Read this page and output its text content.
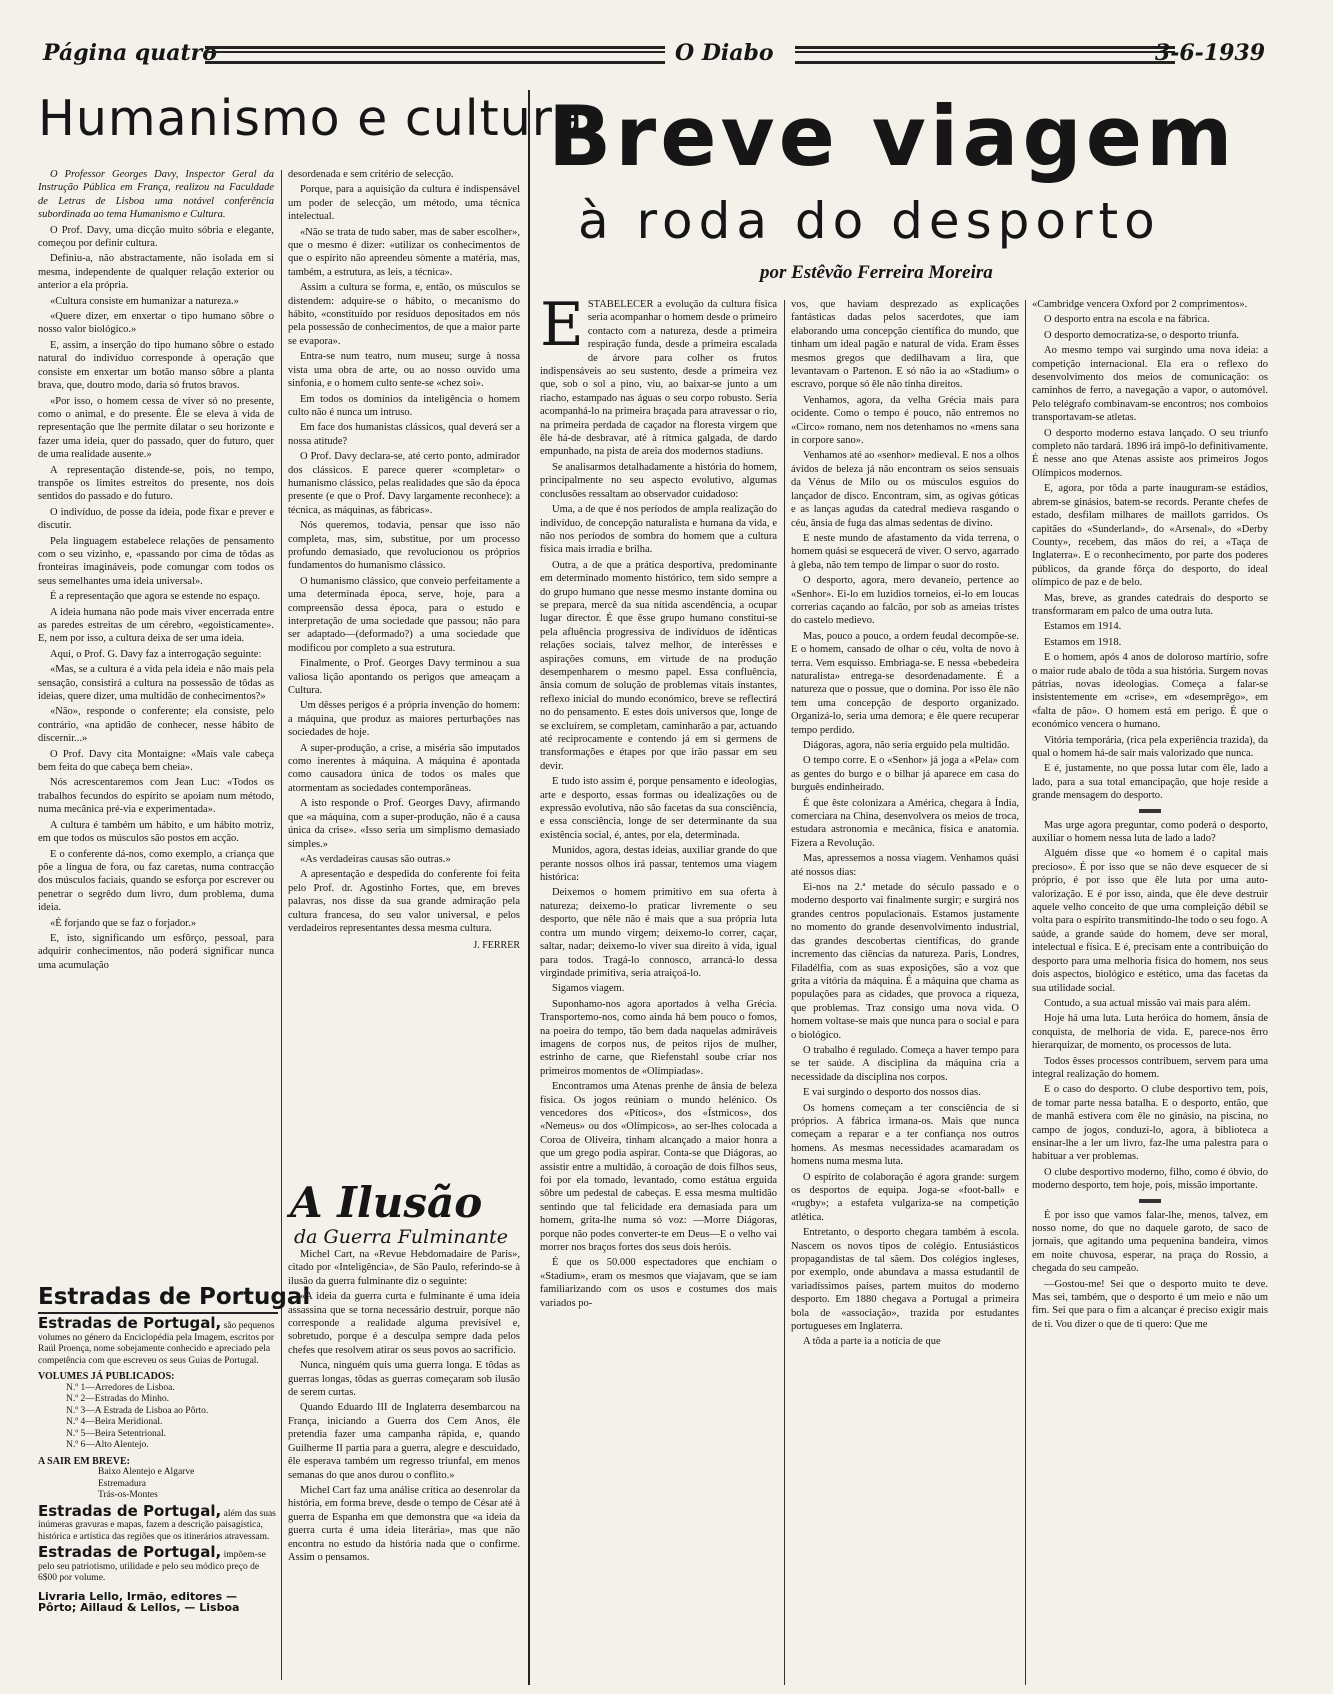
Página quatro	O Diabo	3-6-1939
Humanismo e cultura

O Professor Georges Davy, Inspector Geral da Instrução Pública em França, realizou na Faculdade de Letras de Lisboa uma notável conferência subordinada ao tema Humanismo e Cultura.

O Prof. Davy, uma dicção muito sóbria e elegante, começou por definir cultura.

Definiu-a, não abstractamente, não isolada em si mesma, independente de qualquer relação exterior ou anterior a ela própria.

«Cultura consiste em humanizar a natureza.»

«Quere dizer, em enxertar o tipo humano sôbre o nosso valor biológico.»

E, assim, a inserção do tipo humano sôbre o estado natural do indivíduo corresponde à operação que consiste em enxertar um botão manso sôbre a planta brava, que, doutro modo, daria só frutos bravos.

«Por isso, o homem cessa de viver só no presente, como o animal, e do presente. Êle se eleva à vida de representação que lhe permite dilatar o seu horizonte e fazer uma ideia, quer do passado, quer do futuro, quer de uma realidade ausente.»

A representação distende-se, pois, no tempo, transpõe os limites estreitos do presente, nos dois sentidos do passado e do futuro.

O indivíduo, de posse da ideia, pode fixar e prever e discutir.

Pela linguagem estabelece relações de pensamento com o seu vizinho, e, «passando por cima de tôdas as fronteiras imagináveis, pode comungar com todos os seus semelhantes uma ideia universal».

É a representação que agora se estende no espaço.

A ideia humana não pode mais viver encerrada entre as paredes estreitas de um cérebro, «egoisticamente». E, nem por isso, a cultura deixa de ser uma ideia.

Aqui, o Prof. G. Davy faz a interrogação seguinte:

«Mas, se a cultura é a vida pela ideia e não mais pela sensação, consistirá a cultura na possessão de tôdas as ideias, quere dizer, uma multidão de conhecimentos?»

«Não», responde o conferente; ela consiste, pelo contrário, «na aptidão de conhecer, nesse hábito de discernir...»

O Prof. Davy cita Montaigne: «Mais vale cabeça bem feita do que cabeça bem cheia».

Nós acrescentaremos com Jean Luc: «Todos os trabalhos fecundos do espírito se apoiam num método, numa mecânica pré-via e experimentada».

A cultura é também um hábito, e um hábito motriz, em que todos os músculos são postos em acção.

E o conferente dá-nos, como exemplo, a criança que põe a língua de fora, ou faz caretas, numa contracção dos músculos faciais, quando se esforça por escrever ou penetrar o segrêdo dum livro, dum problema, duma ideia.

«É forjando que se faz o forjador.»

E, isto, significando um esfôrço, pessoal, para adquirir conhecimentos, não poderá significar nunca uma acumulação

desordenada e sem critério de selecção.

Porque, para a aquisição da cultura é indispensável um poder de selecção, um método, uma técnica intelectual.

«Não se trata de tudo saber, mas de saber escolher», que o mesmo é dizer: «utilizar os conhecimentos de que o espírito não apreendeu sòmente a matéria, mas, também, a estrutura, as leis, a técnica».

Assim a cultura se forma, e, então, os músculos se distendem: adquire-se o hábito, o mecanismo do hábito, «constituído por resíduos depositados em nós pela possessão de conhecimentos, de que a maior parte se evapora».

Entra-se num teatro, num museu; surge à nossa vista uma obra de arte, ou ao nosso ouvido uma sinfonia, e o homem culto sente-se «chez soi».

Em todos os domínios da inteligência o homem culto não é nunca um intruso.

Em face dos humanistas clássicos, qual deverá ser a nossa atitude?

O Prof. Davy declara-se, até certo ponto, admirador dos clássicos. E parece querer «completar» o humanismo clássico, pelas realidades que são da época presente (e que o Prof. Davy largamente reconhece): a técnica, as máquinas, as fábricas».

Nós queremos, todavia, pensar que isso não completa, mas, sim, substitue, por um processo profundo demasiado, que revolucionou os próprios fundamentos do humanismo clássico.

O humanismo clássico, que conveio perfeitamente a uma determinada época, serve, hoje, para a compreensão dessa época, para o estudo e interpretação de uma sociedade que passou; não para ser adaptado—(deformado?) a uma sociedade que modificou por completo a sua estrutura.

Finalmente, o Prof. Georges Davy terminou a sua valiosa lição apontando os perigos que ameaçam a Cultura.

Um dêsses perigos é a própria invenção do homem: a máquina, que produz as maiores perturbações nas sociedades de hoje.

A super-produção, a crise, a miséria são imputados como inerentes à máquina. A máquina é apontada como causadora única de todos os males que atormentam as sociedades contemporâneas.

A isto responde o Prof. Georges Davy, afirmando que «a máquina, com a super-produção, não é a causa única da crise». «Isso seria um simplismo demasiado simples.»

«As verdadeiras causas são outras.»

A apresentação e despedida do conferente foi feita pelo Prof. dr. Agostinho Fortes, que, em breves palavras, nos disse da sua grande admiração pela cultura francesa, do seu valor universal, e pelos verdadeiros representantes dessa mesma cultura.

J. FERRER
A Ilusão
da Guerra Fulminante

Michel Cart, na «Revue Hebdomadaire de Paris», citado por «Inteligência», de São Paulo, referindo-se à ilusão da guerra fulminante diz o seguinte:

«A ideia da guerra curta e fulminante é uma ideia assassina que se torna necessário destruir, porque não corresponde a realidade alguma previsível e, sobretudo, porque é a desculpa sempre dada pelos chefes que resolvem atirar os seus povos ao sacrifício.

Nunca, ninguém quis uma guerra longa. E tôdas as guerras longas, tôdas as guerras começaram sob ilusão de serem curtas.

Quando Eduardo III de Inglaterra desembarcou na França, iniciando a Guerra dos Cem Anos, êle pretendia fazer uma campanha rápida, e, quando Guilherme II partia para a guerra, alegre e descuidado, êle esperava também um regresso triunfal, em menos semanas do que anos durou o conflito.»

Michel Cart faz uma análise crítica ao desenrolar da história, em forma breve, desde o tempo de César até à guerra de Espanha em que demonstra que «a ideia da guerra curta é uma ideia literária», mas que não encontra no estudo da história nada que o confirme. Assim o pensamos.

Estradas de Portugal
Estradas de Portugal, são pequenos volumes no género da Enciclopédia pela Imagem, escritos por Raúl Proença, nome sobejamente conhecido e apreciado pela competência com que escreveu os seus Guias de Portugal.
VOLUMES JÁ PUBLICADOS:
N.º 1—Arredores de Lisboa.
N.º 2—Estradas do Minho.
N.º 3—A Estrada de Lisboa ao Pôrto.
N.º 4—Beira Meridional.
N.º 5—Beira Setentrional.
N.º 6—Alto Alentejo.
A SAIR EM BREVE:
Baixo Alentejo e Algarve
Estremadura
Trás-os-Montes
Estradas de Portugal, além das suas inúmeras gravuras e mapas, fazem a descrição paisagística, histórica e artística das regiões que os itinerários atravessam.
Estradas de Portugal, impõem-se pelo seu patriotismo, utilidade e pelo seu módico preço de 6$00 por volume.
Livraria Lello, Irmão, editores — Pôrto; Aillaud & Lellos, — Lisboa
Breve viagem
à roda do desporto
por Estêvão Ferreira Moreira

ESTABELECER a evolução da cultura física seria acompanhar o homem desde o primeiro contacto com a natureza, desde a primeira respiração funda, desde a primeira escalada de árvore para colher os frutos indispensáveis ao seu sustento, desde a primeira vez que, sob o sol a pino, viu, ao baixar-se junto a um riacho, estampado nas águas o seu corpo robusto. Seria acompanhá-lo na primeira braçada para atravessar o rio, na primeira perdada de caçador na floresta virgem que êle há-de desbravar, até à rítmica galgada, de dardo empunhado, na pista de areia dos modernos stadiuns.

Se analisarmos detalhadamente a história do homem, principalmente no seu aspecto evolutivo, algumas conclusões ressaltam ao observador cuidadoso:

Uma, a de que é nos períodos de ampla realização do indivíduo, de concepção naturalista e humana da vida, e não nos períodos de sombra do homem que a cultura física mais irradia e brilha.

Outra, a de que a prática desportiva, predominante em determinado momento histórico, tem sido sempre a do grupo humano que nesse mesmo instante domina ou se prepara, mercê da sua nítida ascendência, a ocupar lugar director. É que êsse grupo humano constitui-se pela afluência progressiva de indivíduos de idênticas relações sociais, talvez melhor, de interêsses e aspirações comuns, em virtude de na produção desempenharem o mesmo papel. Essa confluência, ânsia comum de solução de problemas vitais instantes, reflexo inicial do mundo económico, breve se reflectirá no do pensamento. E estes dois universos que, longe de se excluírem, se completam, caminharão a par, actuando até reciprocamente e contendo já em si germens de transformações e étapes por que irão passar em seu devir.

E tudo isto assim é, porque pensamento e ideologias, arte e desporto, essas formas ou idealizações ou de expressão evolutiva, não são facetas da sua consciência, e essa consciência, longe de ser determinante da sua existência social, é, antes, por ela, determinada.

Munidos, agora, destas ideias, auxiliar grande do que perante nossos olhos irá passar, tentemos uma viagem histórica:

Deixemos o homem primitivo em sua oferta à natureza; deixemo-lo praticar livremente o seu desporto, que nêle não é mais que a sua própria luta contra um mundo virgem; deixemo-lo correr, caçar, saltar, nadar; deixemo-lo viver sua direito à vida, igual para todos. Tragá-lo connosco, arrancá-lo dessa virgindade primitiva, seria atraiçoá-lo.

Sigamos viagem.

Suponhamo-nos agora aportados à velha Grécia. Transportemo-nos, como ainda há bem pouco o fomos, na poeira do tempo, tão bem dada naquelas admiráveis imagens de corpos nus, de peitos rijos de mulher, estrinho de carne, que Riefenstahl soube criar nos primeiros momentos de «Olímpiadas».

Encontramos uma Atenas prenhe de ânsia de beleza física. Os jogos reúniam o mundo helénico. Os vencedores dos «Píticos», dos «Ístmicos», dos «Nemeus» ou dos «Olímpicos», ao ser-lhes colocada a Coroa de Oliveira, tinham alcançado a maior honra a que um grego podia aspirar. Conta-se que Diágoras, ao assistir entre a multidão, à coroação de dois filhos seus, foi por ela tomado, levantado, como estátua erguida sôbre um pedestal de cabeças. E essa mesma multidão sentindo que tal felicidade era demasiada para um homem, grita-lhe numa só voz: —Morre Diágoras, porque não podes converter-te em Deus—E o velho vai morrer nos braços fortes dos seus dois heróis.

É que os 50.000 espectadores que enchiam o «Stadium», eram os mesmos que viajavam, que se iam familiarizando com os usos e costumes dos mais variados po-

vos, que haviam desprezado as explicações fantásticas dadas pelos sacerdotes, que iam elaborando uma concepção científica do mundo, que tinham um ideal pagão e natural de vida. Eram êsses mesmos gregos que dedilhavam a lira, que levantavam o Partenon. E só não ia ao «Stadium» o escravo, porque só êle não tinha direitos.

Venhamos, agora, da velha Grécia mais para ocidente. Como o tempo é pouco, não entremos no «Circo» romano, nem nos detenhamos no «mens sana in corpore sano».

Venhamos até ao «senhor» medieval. E nos a olhos ávidos de beleza já não encontram os seios sensuais da Vénus de Milo ou os músculos esguios do lançador de disco. Encontram, sim, as ogivas góticas e as lanças agudas da catedral medieva rasgando o céu, ânsia de fuga das almas sedentas de divino.

E neste mundo de afastamento da vida terrena, o homem quási se esquecerá de viver. O servo, agarrado à gleba, não tem tempo de limpar o suor do rosto.

O desporto, agora, mero devaneio, pertence ao «Senhor». Ei-lo em luzidios torneios, ei-lo em loucas correrias caçando ao falcão, por sob as ameias tristes do castelo medievo.

Mas, pouco a pouco, a ordem feudal decompõe-se. E o homem, cansado de olhar o céu, volta de novo à terra. Vem esquisso. Embriaga-se. E nessa «bebedeira naturalista» entrega-se desordenadamente. É a natureza que o possue, que o domina. Por isso êle não tem uma concepção de desporto organizado. Organizá-lo, seria uma demora; e êle quere recuperar tempo perdido.

Diágoras, agora, não seria erguido pela multidão.

O tempo corre. E o «Senhor» já joga a «Pela» com as gentes do burgo e o bilhar já aparece em casa do burguês endinheirado.

É que êste colonizara a América, chegara à Índia, comerciara na China, desenvolvera os meios de troca, estudara astronomia e mecânica, física e anatomia. Fizera a Revolução.

Mas, apressemos a nossa viagem. Venhamos quási até nossos dias:

Ei-nos na 2.ª metade do século passado e o moderno desporto vai finalmente surgir; e surgirá nos grandes centros populacionais. Estamos justamente no momento do grande desenvolvimento industrial, das grandes descobertas científicas, do grande incremento das ciências da natureza. Paris, Londres, Filadélfia, com as suas exposições, são a voz que grita a vitória da máquina. É a máquina que chama as populações para as cidades, que provoca a riqueza, que problemas. Traz consigo uma nova vida. O homem voltase-se mais que nunca para o social e para o biológico.

O trabalho é regulado. Começa a haver tempo para se ter saúde. A disciplina da máquina cria a necessidade da disciplina nos corpos.

E vai surgindo o desporto dos nossos dias.

Os homens começam a ter consciência de si próprios. A fábrica irmana-os. Mais que nunca começam a reparar e a ter confiança nos outros homens. As mesmas necessidades acamaradam os homens numa mesma luta.

O espírito de colaboração é agora grande: surgem os desportos de equipa. Joga-se «foot-ball» e «rugby»; a estafeta vulgariza-se na competição atlética.

Entretanto, o desporto chegara também à escola. Nascem os novos tipos de colégio. Entusiásticos propagandistas de tal sãem. Dos colégios ingleses, por exemplo, onde abundava a massa estudantil de variadíssimos países, partem muitos do moderno desporto. Em 1880 chegava a Portugal a primeira bola de «associação», trazida por estudantes portugueses em Inglaterra.

A tôda a parte ia a notícia de que

«Cambridge vencera Oxford por 2 comprimentos».

O desporto entra na escola e na fábrica.

O desporto democratiza-se, o desporto triunfa.

Ao mesmo tempo vai surgindo uma nova ideia: a competição internacional. Ela era o reflexo do desenvolvimento dos meios de comunicação: os caminhos de ferro, a navegação a vapor, o automóvel. Pelo telégrafo combinavam-se encontros; nos comboios transportavam-se atletas.

O desporto moderno estava lançado. O seu triunfo completo não tardará. 1896 irá impô-lo definitivamente. É nesse ano que Atenas assiste aos primeiros Jogos Olímpicos modernos.

E, agora, por tôda a parte inauguram-se estádios, abrem-se ginásios, batem-se records. Perante chefes de estado, desfilam milhares de maillots garridos. Os capitães do «Sunderland», do «Arsenal», do «Derby County», recebem, das mãos do rei, a «Taça de Inglaterra». E o reconhecimento, por parte dos poderes públicos, da grande fôrça do desporto, do ideal olímpico de paz e de belo.

Mas, breve, as grandes catedrais do desporto se transformaram em palco de uma outra luta.

Estamos em 1914.

Estamos em 1918.

E o homem, após 4 anos de doloroso martírio, sofre o maior rude abalo de tôda a sua história. Surgem novas pátrias, novas ideologias. Começa a falar-se insistentemente em «crise», em «desemprêgo», em «falta de pão». O homem está em perigo. É que o económico vencera o humano.

Vitória temporária, (rica pela experiência trazida), da qual o homem há-de sair mais valorizado que nunca.

E é, justamente, no que possa lutar com êle, lado a lado, para a sua total emancipação, que hoje reside a grande mensagem do desporto.

Mas urge agora preguntar, como poderá o desporto, auxiliar o homem nessa luta de lado a lado?

Alguém disse que «o homem é o capital mais precioso». É por isso que se não deve esquecer de si próprio, é por isso que êle luta por uma auto-valorização. E é por isso, ainda, que êle deve destruir aquele velho conceito de que uma compleição débil se volta para o espírito transmitindo-lhe todo o seu fogo. A saúde, a grande saúde do homem, deve ser moral, intelectual e física. E é, precisam ente a contribuição do desporto para uma melhoria física do homem, nos seus dois aspectos, biológico e estético, uma das facetas da sua utilidade social.

Contudo, a sua actual missão vai mais para além.

Hoje há uma luta. Luta heróica do homem, ânsia de conquista, de melhoria de vida. E, parece-nos êrro hierarquizar, de momento, os processos de luta.

Todos êsses processos contribuem, servem para uma integral realização do homem.

E o caso do desporto. O clube desportivo tem, pois, de tomar parte nessa batalha. E o desporto, então, que de manhã estivera com êle no ginásio, na piscina, no campo de jogos, conduzi-lo, agora, à biblioteca a ensinar-lhe a ler um livro, faz-lhe uma palestra para o habituar a ver problemas.

O clube desportivo moderno, filho, como é óbvio, do moderno desporto, tem hoje, pois, missão importante.

É por isso que vamos falar-lhe, menos, talvez, em nosso nome, do que no daquele garoto, de saco de jornais, que agitando uma pequenina bandeira, vimos em noite chuvosa, esperar, na praça do Rossio, a chegada do seu campeão.

—Gostou-me! Sei que o desporto muito te deve. Mas sei, também, que o desporto é um meio e não um fim. Sei que para o fim a alcançar é preciso exigir mais de ti. Vou dizer o que de ti quero: Que me
